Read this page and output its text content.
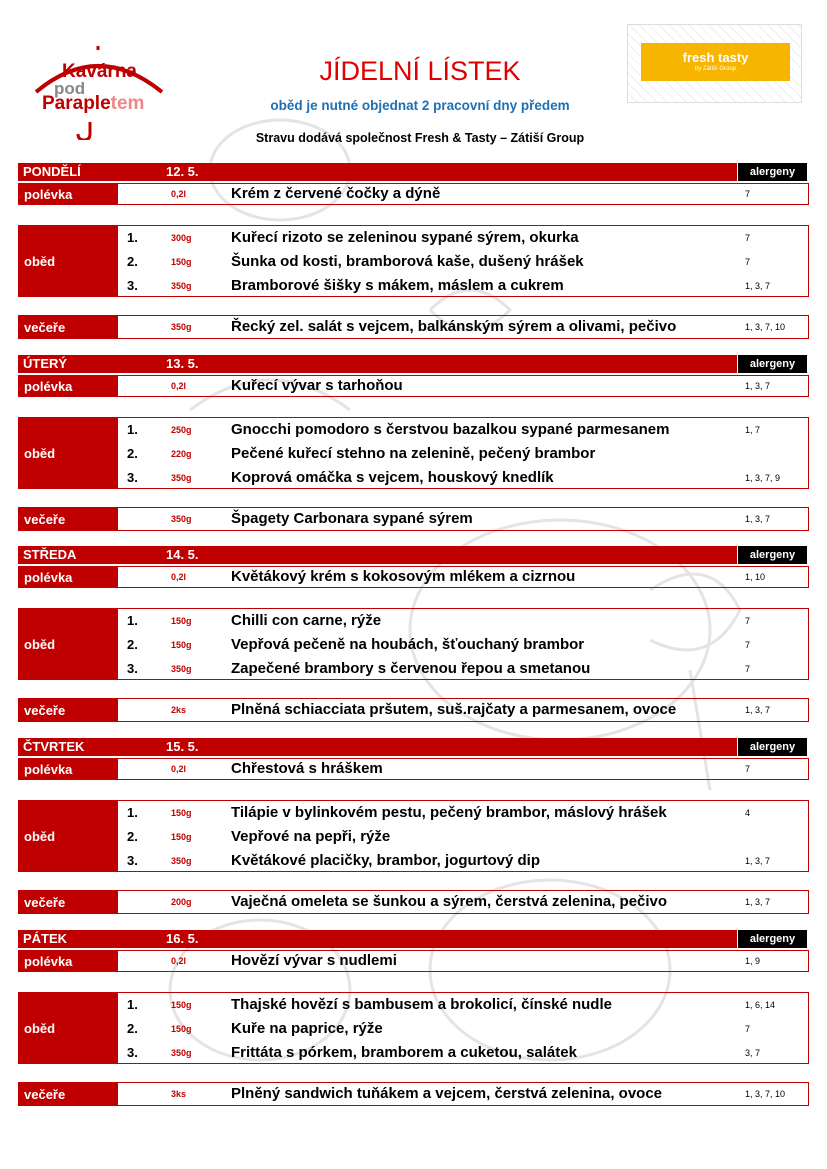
Kavárna
pod
Parapletem
JÍDELNÍ LÍSTEK
oběd je nutné objednat 2 pracovní dny předem
Stravu dodává společnost Fresh & Tasty – Zátiší Group
fresh tasty
by Zátiší Group
PONDĚLÍ	12. 5.	alergeny
polévka	0,2l	Krém z červené čočky a dýně	7
oběd
1.	300g	Kuřecí rizoto se zeleninou sypané sýrem, okurka	7
2.	150g	Šunka od kosti, bramborová kaše, dušený hrášek	7
3.	350g	Bramborové šišky s mákem, máslem a cukrem	1, 3, 7
večeře	350g	Řecký zel. salát s vejcem, balkánským sýrem a olivami, pečivo	1, 3, 7, 10
ÚTERÝ	13. 5.	alergeny
polévka	0,2l	Kuřecí vývar s tarhoňou	1, 3, 7
oběd
1.	250g	Gnocchi pomodoro s čerstvou bazalkou sypané parmesanem	1, 7
2.	220g	Pečené kuřecí stehno na zelenině, pečený brambor
3.	350g	Koprová omáčka s vejcem, houskový knedlík	1, 3, 7, 9
večeře	350g	Špagety Carbonara sypané sýrem	1, 3, 7
STŘEDA	14. 5.	alergeny
polévka	0,2l	Květákový krém s kokosovým mlékem a cizrnou	1, 10
oběd
1.	150g	Chilli con carne, rýže	7
2.	150g	Vepřová pečeně na houbách, šťouchaný brambor	7
3.	350g	Zapečené brambory s červenou řepou a smetanou	7
večeře	2ks	Plněná schiacciata pršutem, suš.rajčaty a parmesanem, ovoce	1, 3, 7
ČTVRTEK	15. 5.	alergeny
polévka	0,2l	Chřestová s hráškem	7
oběd
1.	150g	Tilápie v bylinkovém pestu, pečený brambor, máslový hrášek	4
2.	150g	Vepřové na pepři, rýže
3.	350g	Květákové placičky, brambor, jogurtový dip	1, 3, 7
večeře	200g	Vaječná omeleta se šunkou a sýrem, čerstvá zelenina, pečivo	1, 3, 7
PÁTEK	16. 5.	alergeny
polévka	0,2l	Hovězí vývar s nudlemi	1, 9
oběd
1.	150g	Thajské hovězí s bambusem a brokolicí, čínské nudle	1, 6, 14
2.	150g	Kuře na paprice, rýže	7
3.	350g	Frittáta s pórkem, bramborem a cuketou, salátek	3, 7
večeře	3ks	Plněný sandwich tuňákem a vejcem, čerstvá zelenina, ovoce	1, 3, 7, 10
